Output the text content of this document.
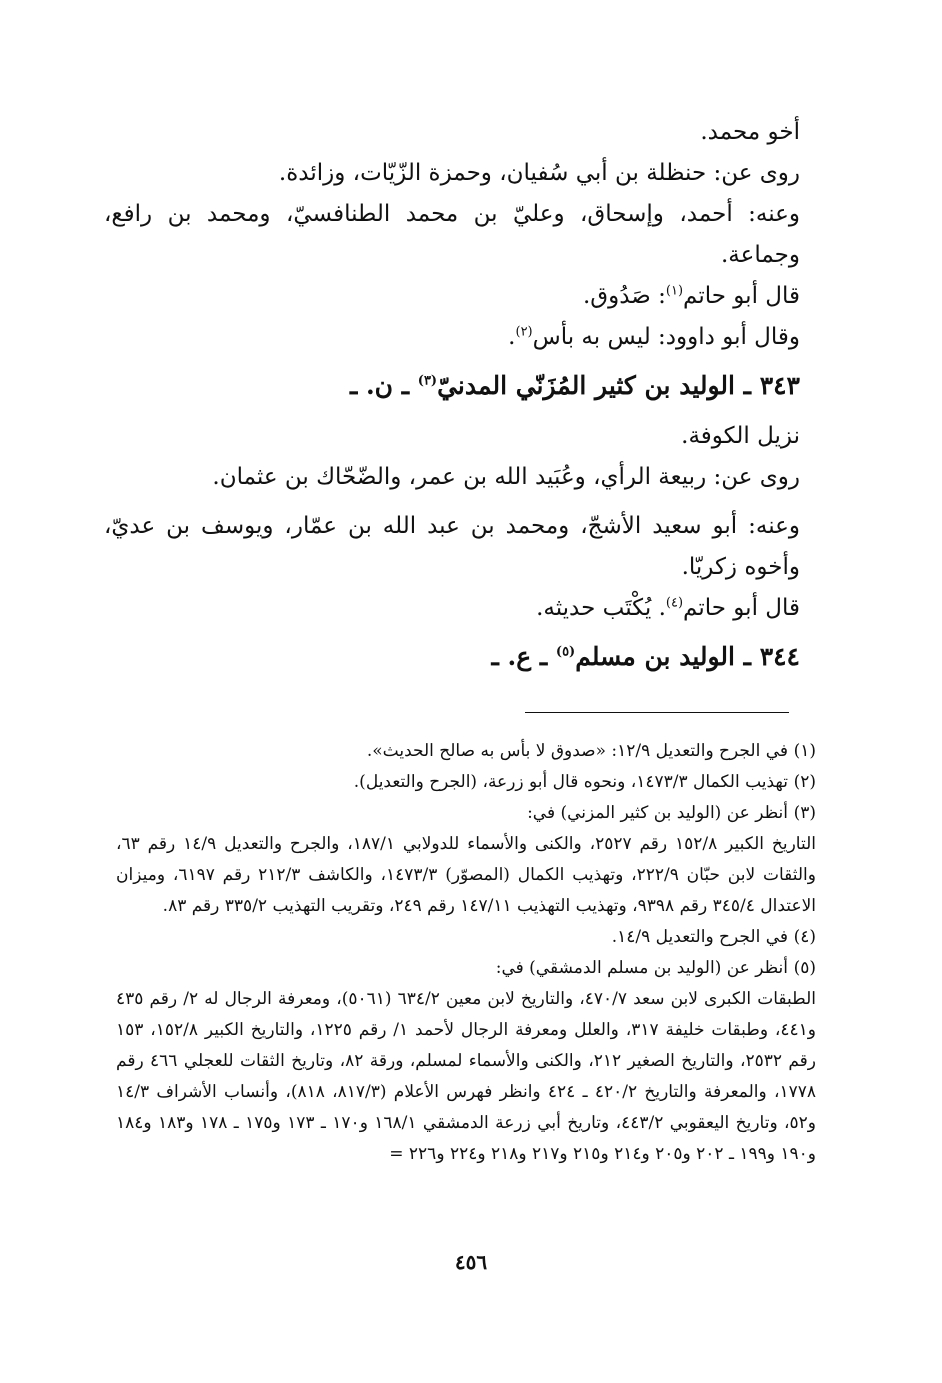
أخو محمد.

روى عن: حنظلة بن أبي سُفيان، وحمزة الزّيّات، وزائدة.

وعنه: أحمد، وإسحاق، وعليّ بن محمد الطنافسيّ، ومحمد بن رافع، وجماعة.

قال أبو حاتم$^{(١)}$: صَدُوق.

وقال أبو داوود: ليس به بأس$^{(٢)}$.

٣٤٣ ـ الوليد بن كثير المُزَنّي المدنيّ$^{(٣)}$ ـ ن. ـ

نزيل الكوفة.

روى عن: ربيعة الرأي، وعُبَيد الله بن عمر، والضّحّاك بن عثمان.

وعنه: أبو سعيد الأشجّ، ومحمد بن عبد الله بن عمّار، ويوسف بن عديّ، وأخوه زكريّا.

قال أبو حاتم$^{(٤)}$. يُكْتَب حديثه.

٣٤٤ ـ الوليد بن مسلم$^{(٥)}$ ـ ع. ـ

(١)
في الجرح والتعديل ١٢/٩: «صدوق لا بأس به صالح الحديث».
(٢)
تهذيب الكمال ١٤٧٣/٣، ونحوه قال أبو زرعة، (الجرح والتعديل).
(٣)
أنظر عن (الوليد بن كثير المزني) في:

التاريخ الكبير ١٥٢/٨ رقم ٢٥٢٧، والكنى والأسماء للدولابي ١٨٧/١، والجرح والتعديل ١٤/٩ رقم ٦٣، والثقات لابن حبّان ٢٢٢/٩، وتهذيب الكمال (المصوّر) ١٤٧٣/٣، والكاشف ٢١٢/٣ رقم ٦١٩٧، وميزان الاعتدال ٣٤٥/٤ رقم ٩٣٩٨، وتهذيب التهذيب ١٤٧/١١ رقم ٢٤٩، وتقريب التهذيب ٣٣٥/٢ رقم ٨٣.

(٤)
في الجرح والتعديل ١٤/٩.
(٥)
أنظر عن (الوليد بن مسلم الدمشقي) في:

الطبقات الكبرى لابن سعد ٤٧٠/٧، والتاريخ لابن معين ٦٣٤/٢ (٥٠٦١)، ومعرفة الرجال له ٢/ رقم ٤٣٥ و٤٤١، وطبقات خليفة ٣١٧، والعلل ومعرفة الرجال لأحمد ١/ رقم ١٢٢٥، والتاريخ الكبير ١٥٢/٨، ١٥٣ رقم ٢٥٣٢، والتاريخ الصغير ٢١٢، والكنى والأسماء لمسلم، ورقة ٨٢، وتاريخ الثقات للعجلي ٤٦٦ رقم ١٧٧٨، والمعرفة والتاريخ ٤٢٠/٢ ـ ٤٢٤ وانظر فهرس الأعلام (٨١٧/٣، ٨١٨)، وأنساب الأشراف ١٤/٣ و٥٢، وتاريخ اليعقوبي ٤٤٣/٢، وتاريخ أبي زرعة الدمشقي ١٦٨/١ و١٧٠ ـ ١٧٣ و١٧٥ ـ ١٧٨ و١٨٣ و١٨٤ و١٩٠ و١٩٩ ـ ٢٠٢ و٢٠٥ و٢١٤ و٢١٥ و٢١٧ و٢١٨ و٢٢٤ و٢٢٦ =

٤٥٦
